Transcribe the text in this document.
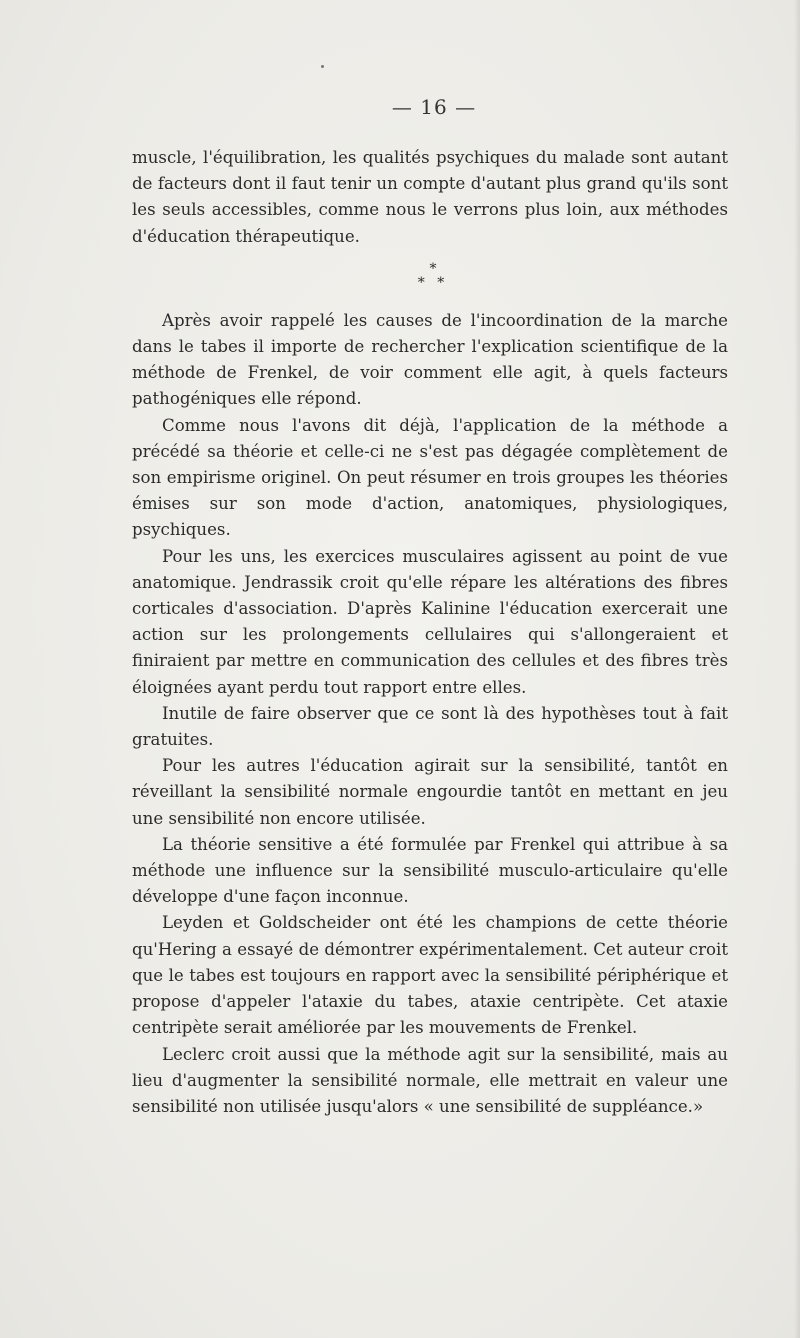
— 16 —

muscle, l'équilibration, les qualités psychiques du malade sont autant de facteurs dont il faut tenir un compte d'autant plus grand qu'ils sont les seuls accessibles, comme nous le verrons plus loin, aux méthodes d'éducation thérapeutique.

*
* *

Après avoir rappelé les causes de l'incoordination de la marche dans le tabes il importe de rechercher l'explication scientifique de la méthode de Frenkel, de voir comment elle agit, à quels facteurs pathogéniques elle répond.

Comme nous l'avons dit déjà, l'application de la méthode a précédé sa théorie et celle-ci ne s'est pas dégagée complètement de son empirisme originel. On peut résumer en trois groupes les théories émises sur son mode d'action, anatomiques, physiologiques, psychiques.

Pour les uns, les exercices musculaires agissent au point de vue anatomique. Jendrassik croit qu'elle répare les altérations des fibres corticales d'association. D'après Kalinine l'éducation exercerait une action sur les prolongements cellulaires qui s'allongeraient et finiraient par mettre en communication des cellules et des fibres très éloignées ayant perdu tout rapport entre elles.

Inutile de faire observer que ce sont là des hypothèses tout à fait gratuites.

Pour les autres l'éducation agirait sur la sensibilité, tantôt en réveillant la sensibilité normale engourdie tantôt en mettant en jeu une sensibilité non encore utilisée.

La théorie sensitive a été formulée par Frenkel qui attribue à sa méthode une influence sur la sensibilité musculo-articulaire qu'elle développe d'une façon inconnue.

Leyden et Goldscheider ont été les champions de cette théorie qu'Hering a essayé de démontrer expérimentalement. Cet auteur croit que le tabes est toujours en rapport avec la sensibilité périphérique et propose d'appeler l'ataxie du tabes, ataxie centripète. Cet ataxie centripète serait améliorée par les mouvements de Frenkel.

Leclerc croit aussi que la méthode agit sur la sensibilité, mais au lieu d'augmenter la sensibilité normale, elle mettrait en valeur une sensibilité non utilisée jusqu'alors « une sensibilité de suppléance.»
